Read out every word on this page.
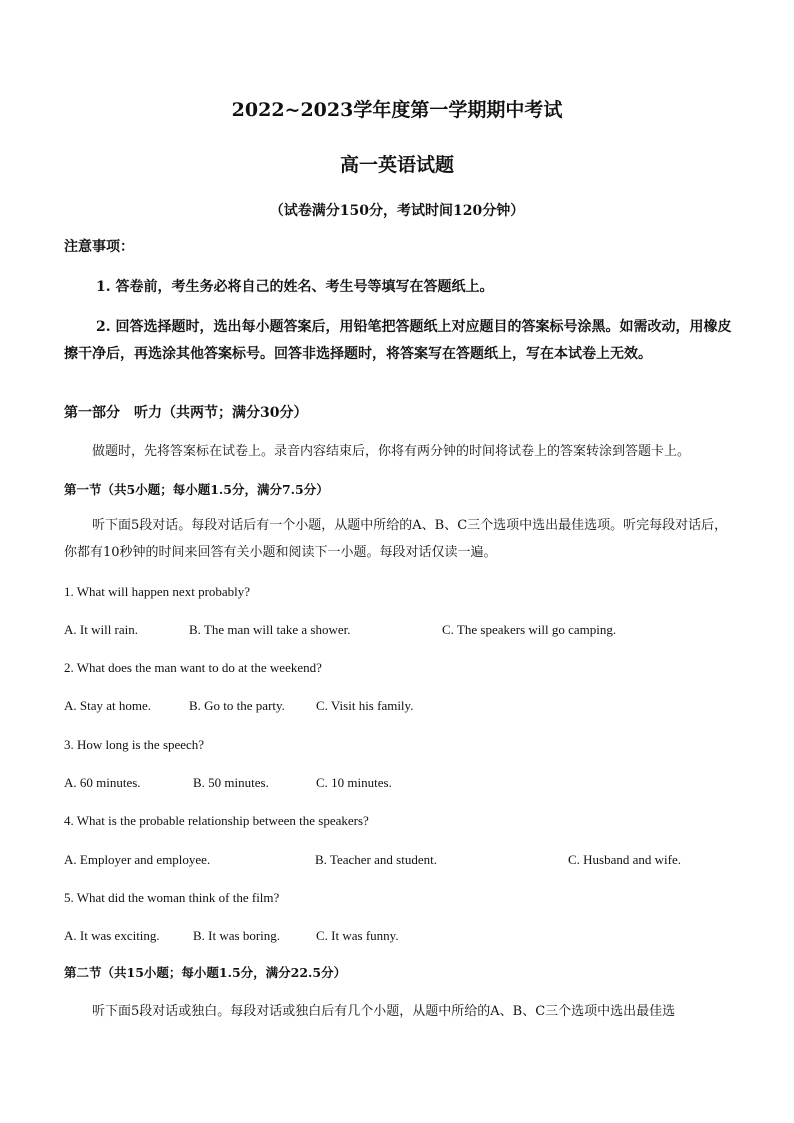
2022~2023学年度第一学期期中考试
高一英语试题
（试卷满分150分，考试时间120分钟）
注意事项：
1. 答卷前，考生务必将自己的姓名、考生号等填写在答题纸上。
2. 回答选择题时，选出每小题答案后，用铅笔把答题纸上对应题目的答案标号涂黑。如需改动，用橡皮擦干净后，再选涂其他答案标号。回答非选择题时，将答案写在答题纸上，写在本试卷上无效。
第一部分　听力（共两节；满分30分）
做题时，先将答案标在试卷上。录音内容结束后，你将有两分钟的时间将试卷上的答案转涂到答题卡上。
第一节（共5小题；每小题1.5分，满分7.5分）
听下面5段对话。每段对话后有一个小题，从题中所给的A、B、C三个选项中选出最佳选项。听完每段对话后，你都有10秒钟的时间来回答有关小题和阅读下一小题。每段对话仅读一遍。
1. What will happen next probably?
A. It will rain.	B. The man will take a shower.	C. The speakers will go camping.
2. What does the man want to do at the weekend?
A. Stay at home.	B. Go to the party. C. Visit his family.
3. How long is the speech?
A. 60 minutes.	B. 50 minutes.	C. 10 minutes.
4. What is the probable relationship between the speakers?
A. Employer and employee.	B. Teacher and student.	C. Husband and wife.
5. What did the woman think of the film?
A. It was exciting.	B. It was boring.	C. It was funny.
第二节（共15小题；每小题1.5分，满分22.5分）
听下面5段对话或独白。每段对话或独白后有几个小题，从题中所给的A、B、C三个选项中选出最佳选
